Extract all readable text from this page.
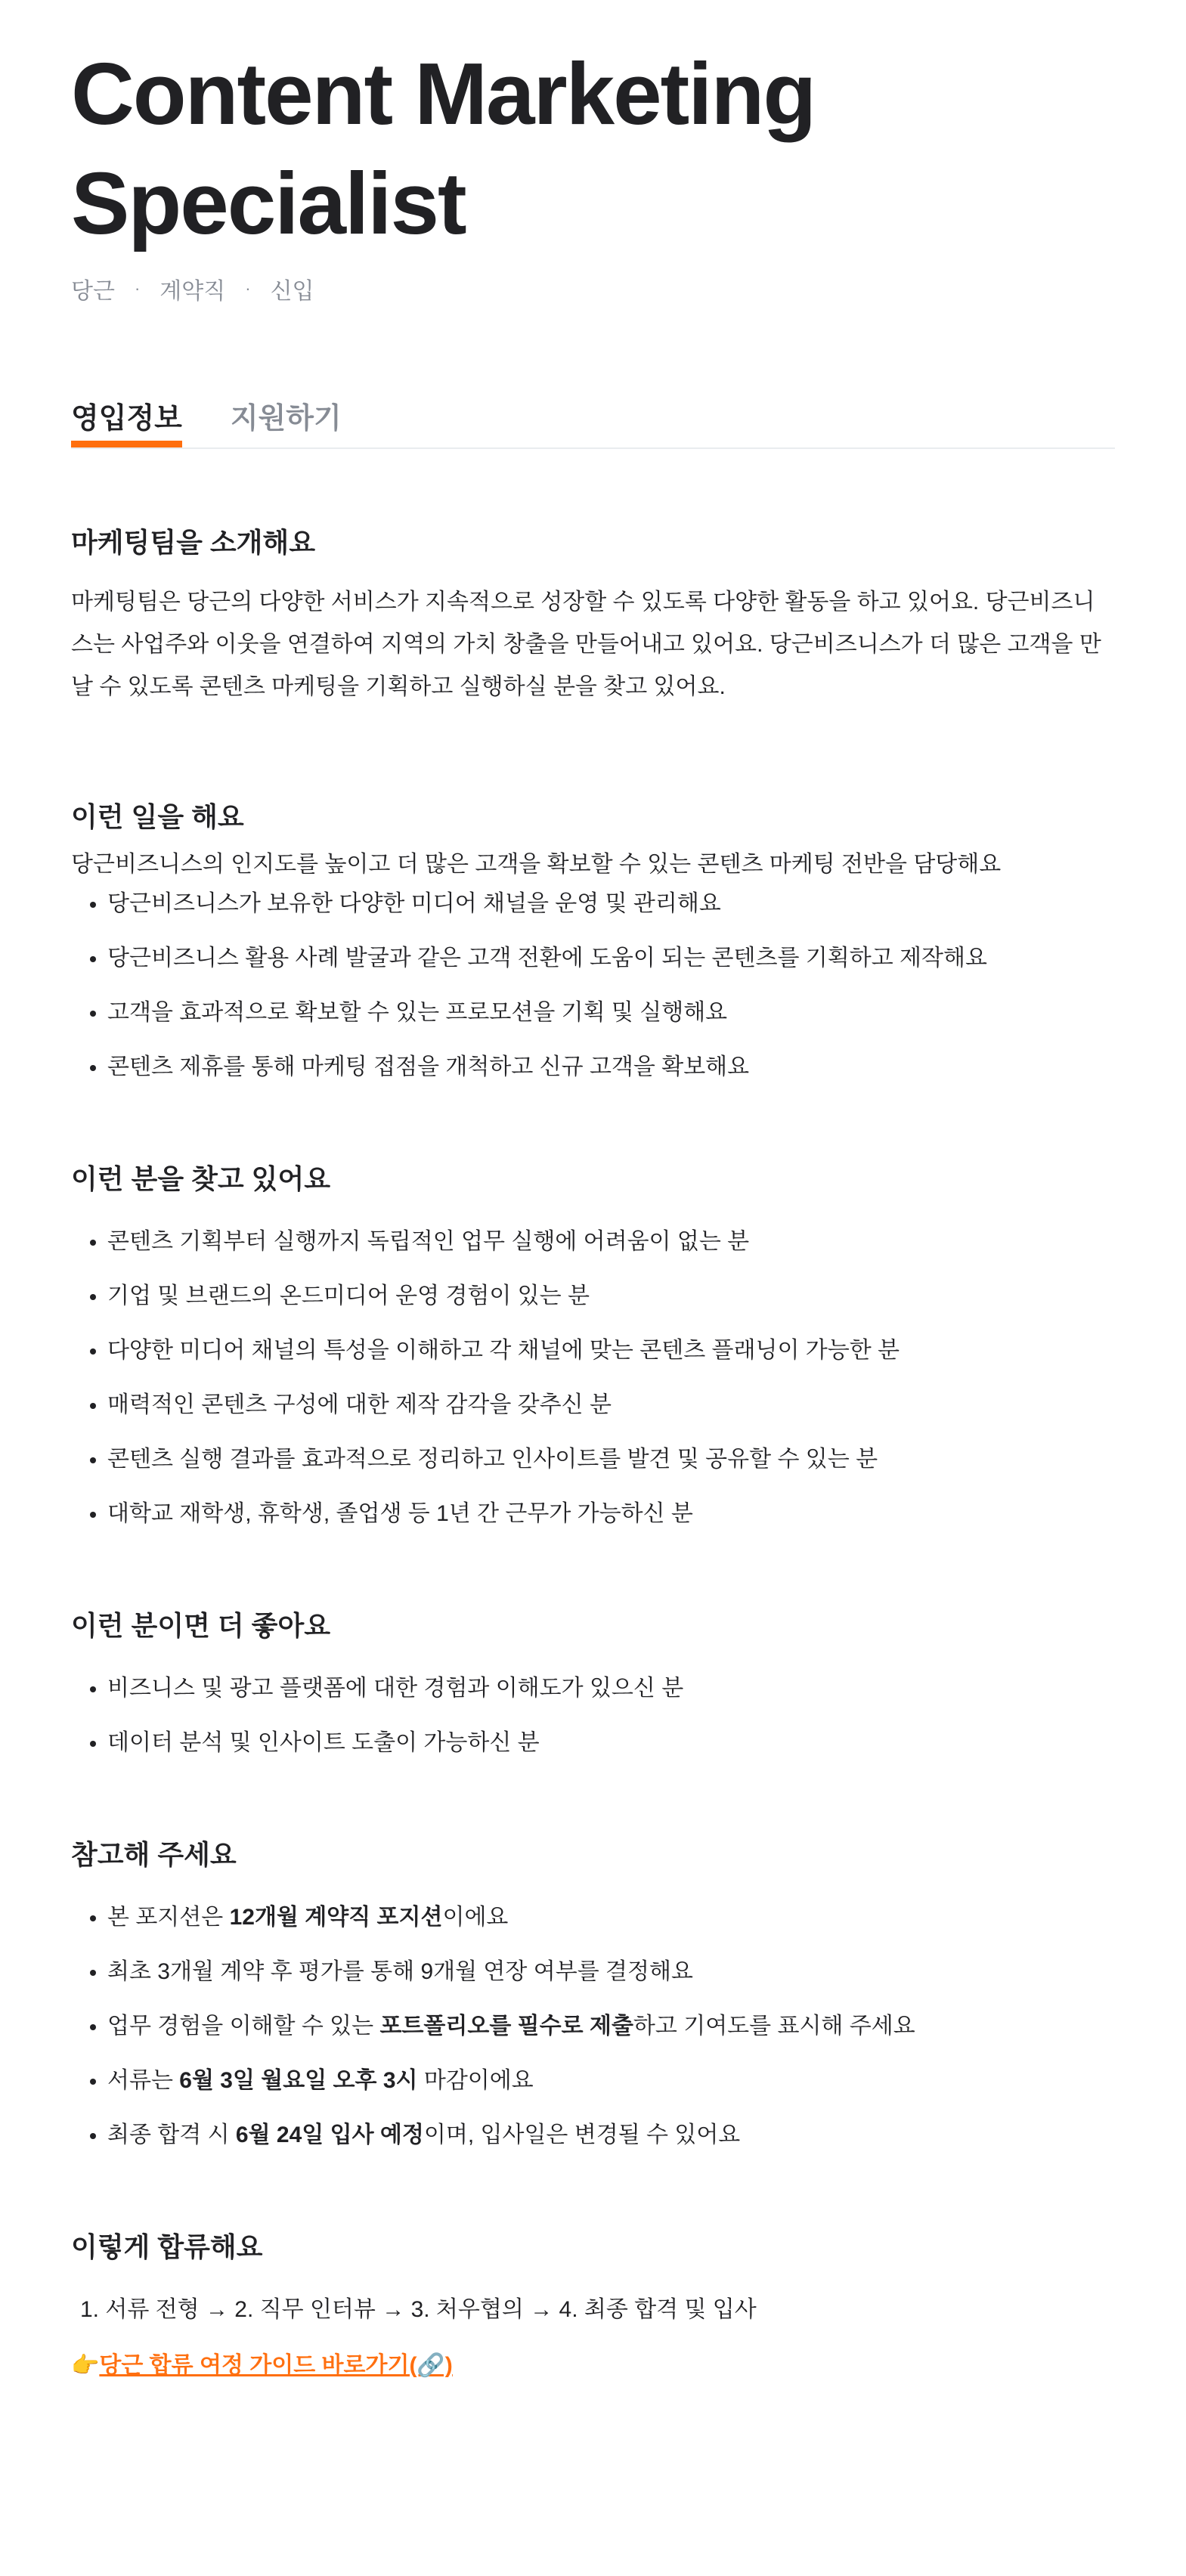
Content Marketing Specialist
당근 · 계약직 · 신입
영입정보 지원하기
마케팅팀을 소개해요

마케팅팀은 당근의 다양한 서비스가 지속적으로 성장할 수 있도록 다양한 활동을 하고 있어요. 당근비즈니스는 사업주와 이웃을 연결하여 지역의 가치 창출을 만들어내고 있어요. 당근비즈니스가 더 많은 고객을 만날 수 있도록 콘텐츠 마케팅을 기획하고 실행하실 분을 찾고 있어요.

이런 일을 해요

당근비즈니스의 인지도를 높이고 더 많은 고객을 확보할 수 있는 콘텐츠 마케팅 전반을 담당해요

• 당근비즈니스가 보유한 다양한 미디어 채널을 운영 및 관리해요
• 당근비즈니스 활용 사례 발굴과 같은 고객 전환에 도움이 되는 콘텐츠를 기획하고 제작해요
• 고객을 효과적으로 확보할 수 있는 프로모션을 기획 및 실행해요
• 콘텐츠 제휴를 통해 마케팅 접점을 개척하고 신규 고객을 확보해요
이런 분을 찾고 있어요
• 콘텐츠 기획부터 실행까지 독립적인 업무 실행에 어려움이 없는 분
• 기업 및 브랜드의 온드미디어 운영 경험이 있는 분
• 다양한 미디어 채널의 특성을 이해하고 각 채널에 맞는 콘텐츠 플래닝이 가능한 분
• 매력적인 콘텐츠 구성에 대한 제작 감각을 갖추신 분
• 콘텐츠 실행 결과를 효과적으로 정리하고 인사이트를 발견 및 공유할 수 있는 분
• 대학교 재학생, 휴학생, 졸업생 등 1년 간 근무가 가능하신 분
이런 분이면 더 좋아요
• 비즈니스 및 광고 플랫폼에 대한 경험과 이해도가 있으신 분
• 데이터 분석 및 인사이트 도출이 가능하신 분
참고해 주세요
• 본 포지션은 12개월 계약직 포지션이에요
• 최초 3개월 계약 후 평가를 통해 9개월 연장 여부를 결정해요
• 업무 경험을 이해할 수 있는 포트폴리오를 필수로 제출하고 기여도를 표시해 주세요
• 서류는 6월 3일 월요일 오후 3시 마감이에요
• 최종 합격 시 6월 24일 입사 예정이며, 입사일은 변경될 수 있어요
이렇게 합류해요
1. 서류 전형 → 2. 직무 인터뷰 → 3. 처우협의 → 4. 최종 합격 및 입사
👉당근 합류 여정 가이드 바로가기(🔗)
